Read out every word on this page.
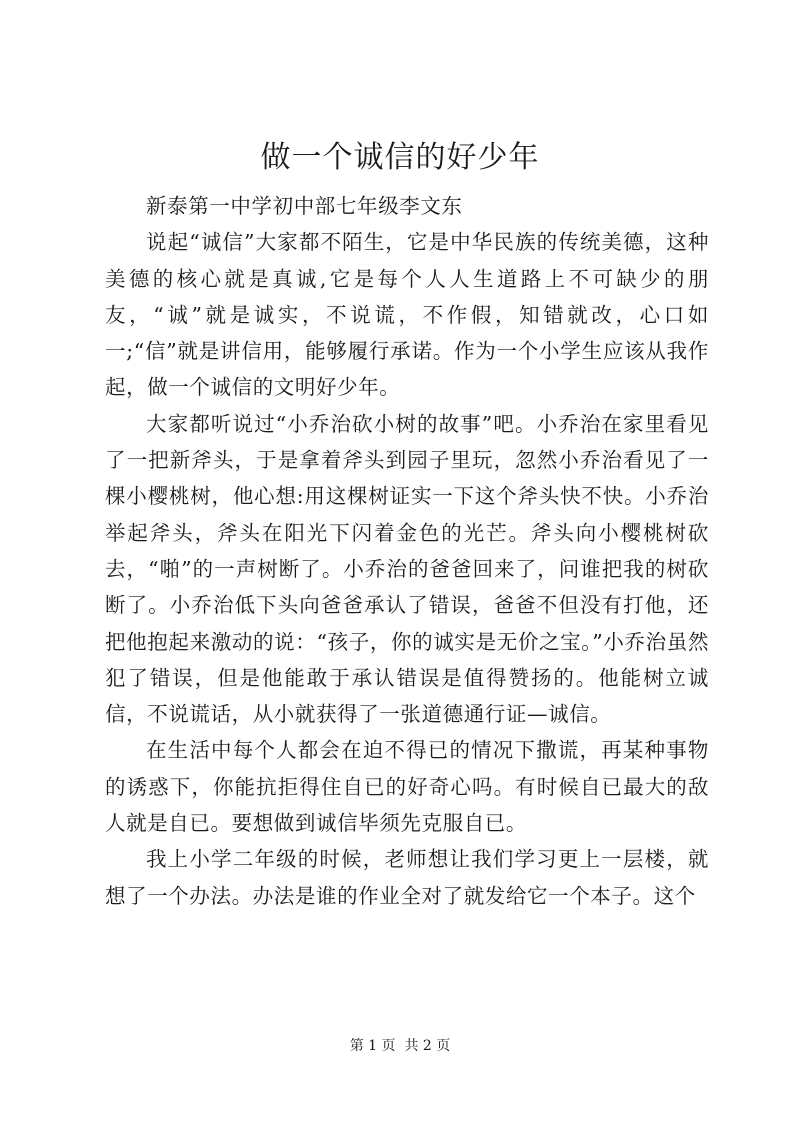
做一个诚信的好少年

新泰第一中学初中部七年级李文东

说起“诚信”大家都不陌生，它是中华民族的传统美德，这种美德的核心就是真诚,它是每个人人生道路上不可缺少的朋友，“诚”就是诚实，不说谎，不作假，知错就改，心口如一;“信”就是讲信用，能够履行承诺。作为一个小学生应该从我作起，做一个诚信的文明好少年。

大家都听说过“小乔治砍小树的故事”吧。小乔治在家里看见了一把新斧头，于是拿着斧头到园子里玩，忽然小乔治看见了一棵小樱桃树，他心想:用这棵树证实一下这个斧头快不快。小乔治举起斧头，斧头在阳光下闪着金色的光芒。斧头向小樱桃树砍去，“啪”的一声树断了。小乔治的爸爸回来了，问谁把我的树砍断了。小乔治低下头向爸爸承认了错误，爸爸不但没有打他，还把他抱起来激动的说：“孩子，你的诚实是无价之宝。”小乔治虽然犯了错误，但是他能敢于承认错误是值得赞扬的。他能树立诚信，不说谎话，从小就获得了一张道德通行证—诚信。

在生活中每个人都会在迫不得已的情况下撒谎，再某种事物的诱惑下，你能抗拒得住自已的好奇心吗。有时候自已最大的敌人就是自已。要想做到诚信毕须先克服自已。

我上小学二年级的时候，老师想让我们学习更上一层楼，就想了一个办法。办法是谁的作业全对了就发给它一个本子。这个

第 1 页  共 2 页
